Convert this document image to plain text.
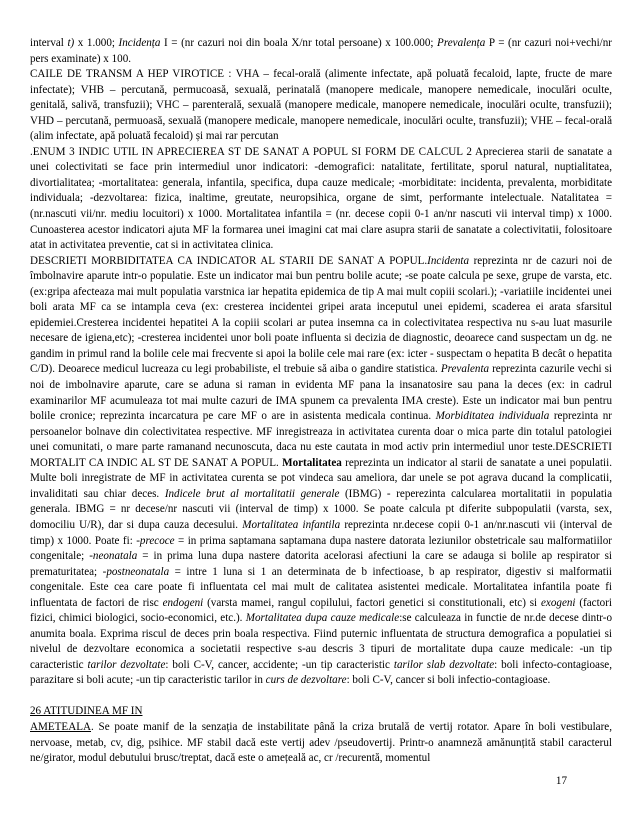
interval t) x 1.000; Incidența I = (nr cazuri noi din boala X/nr total persoane) x 100.000; Prevalența P = (nr cazuri noi+vechi/nr pers examinate) x 100.

CAILE DE TRANSM A HEP VIROTICE : VHA – fecal-orală (alimente infectate, apă poluată fecaloid, lapte, fructe de mare infectate); VHB – percutană, permucoasă, sexuală, perinatală (manopere medicale, manopere nemedicale, inoculări oculte, genitală, salivă, transfuzii); VHC – parenterală, sexuală (manopere medicale, manopere nemedicale, inoculări oculte, transfuzii); VHD – percutană, permuoasă, sexuală (manopere medicale, manopere nemedicale, inoculări oculte, transfuzii); VHE – fecal-orală (alim infectate, apă poluată fecaloid) și mai rar percutan

.ENUM 3 INDIC UTIL IN APRECIEREA ST DE SANAT A POPUL SI FORM DE CALCUL 2 Aprecierea starii de sanatate a unei colectivitati se face prin intermediul unor indicatori: -demografici: natalitate, fertilitate, sporul natural, nuptialitatea, divortialitatea; -mortalitatea: generala, infantila, specifica, dupa cauze medicale; -morbiditate: incidenta, prevalenta, morbiditate individuala; -dezvoltarea: fizica, inaltime, greutate, neuropsihica, organe de simt, performante intelectuale. Natalitatea = (nr.nascuti vii/nr. mediu locuitori) x 1000. Mortalitatea infantila = (nr. decese copii 0-1 an/nr nascuti vii interval timp) x 1000. Cunoasterea acestor indicatori ajuta MF la formarea unei imagini cat mai clare asupra starii de sanatate a colectivitatii, folositoare atat in activitatea preventie, cat si in activitatea clinica.

DESCRIETI MORBIDITATEA CA INDICATOR AL STARII DE SANAT A POPUL.Incidenta reprezinta nr de cazuri noi de îmbolnavire aparute intr-o populatie. Este un indicator mai bun pentru bolile acute; -se poate calcula pe sexe, grupe de varsta, etc.(ex:gripa afecteaza mai mult populatia varstnica iar hepatita epidemica de tip A mai mult copiii scolari.); -variatiile incidentei unei boli arata MF ca se intampla ceva (ex: cresterea incidentei gripei arata inceputul unei epidemi, scaderea ei arata sfarsitul epidemiei.Cresterea incidentei hepatitei A la copiii scolari ar putea insemna ca in colectivitatea respectiva nu s-au luat masurile necesare de igiena,etc); -cresterea incidentei unor boli poate influenta si decizia de diagnostic, deoarece cand suspectam un dg. ne gandim in primul rand la bolile cele mai frecvente si apoi la bolile cele mai rare (ex: icter - suspectam o hepatita B decât o hepatita C/D). Deoarece medicul lucreaza cu legi probabiliste, el trebuie să aiba o gandire statistica. Prevalenta reprezinta cazurile vechi si noi de imbolnavire aparute, care se aduna si raman in evidenta MF pana la insanatosire sau pana la deces (ex: in cadrul examinarilor MF acumuleaza tot mai multe cazuri de IMA spunem ca prevalenta IMA creste). Este un indicator mai bun pentru bolile cronice; reprezinta incarcatura pe care MF o are in asistenta medicala continua. Morbiditatea individuala reprezinta nr persoanelor bolnave din colectivitatea respective. MF inregistreaza in activitatea curenta doar o mica parte din totalul patologiei unei comunitati, o mare parte ramanand necunoscuta, daca nu este cautata in mod activ prin intermediul unor teste.DESCRIETI MORTALIT CA INDIC AL ST DE SANAT A POPUL. Mortalitatea reprezinta un indicator al starii de sanatate a unei populatii. Multe boli inregistrate de MF in activitatea curenta se pot vindeca sau ameliora, dar unele se pot agrava ducand la complicatii, invaliditati sau chiar deces. Indicele brut al mortalitatii generale (IBMG) - reperezinta calcularea mortalitatii in populatia generala. IBMG = nr decese/nr nascuti vii (interval de timp) x 1000. Se poate calcula pt diferite subpopulatii (varsta, sex, domociliu U/R), dar si dupa cauza decesului. Mortalitatea infantila reprezinta nr.decese copii 0-1 an/nr.nascuti vii (interval de timp) x 1000. Poate fi: -precoce = in prima saptamana saptamana dupa nastere datorata leziunilor obstetricale sau malformatiilor congenitale; -neonatala = in prima luna dupa nastere datorita acelorasi afectiuni la care se adauga si bolile ap respirator si prematuritatea; -postneonatala = intre 1 luna si 1 an determinata de b infectioase, b ap respirator, digestiv si malformatii congenitale. Este cea care poate fi influentata cel mai mult de calitatea asistentei medicale. Mortalitatea infantila poate fi influentata de factori de risc endogeni (varsta mamei, rangul copilului, factori genetici si constitutionali, etc) si exogeni (factori fizici, chimici biologici, socio-economici, etc.). Mortalitatea dupa cauze medicale:se calculeaza in functie de nr.de decese dintr-o anumita boala. Exprima riscul de deces prin boala respectiva. Fiind puternic influentata de structura demografica a populatiei si nivelul de dezvoltare economica a societatii respective s-au descris 3 tipuri de mortalitate dupa cauze medicale: -un tip caracteristic tarilor dezvoltate: boli C-V, cancer, accidente; -un tip caracteristic tarilor slab dezvoltate: boli infecto-contagioase, parazitare si boli acute; -un tip caracteristic tarilor in curs de dezvoltare: boli C-V, cancer si boli infectio-contagioase.

26 ATITUDINEA MF IN

AMETEALA. Se poate manif de la senzația de instabilitate până la criza brutală de vertij rotator. Apare în boli vestibulare, nervoase, metab, cv, dig, psihice. MF stabil dacă este vertij adev /pseudovertij. Printr-o anamneză amănunțită stabil caracterul ne/girator, modul debutului brusc/treptat, dacă este o amețeală ac, cr /recurentă, momentul

17
